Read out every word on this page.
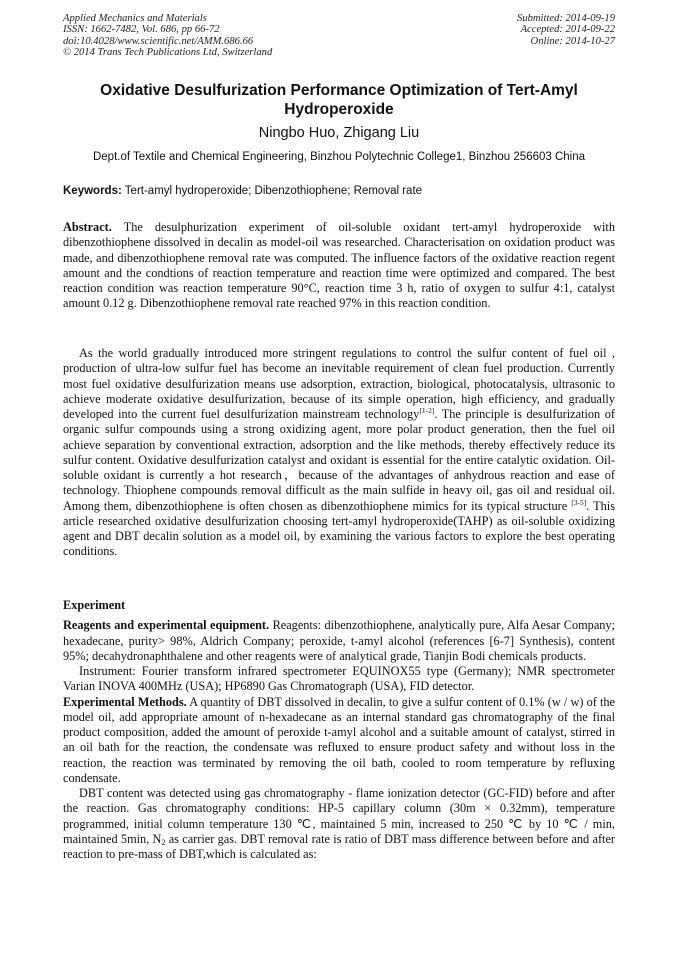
Applied Mechanics and Materials
ISSN: 1662-7482, Vol. 686, pp 66-72
doi:10.4028/www.scientific.net/AMM.686.66
© 2014 Trans Tech Publications Ltd, Switzerland
Submitted: 2014-09-19
Accepted: 2014-09-22
Online: 2014-10-27
Oxidative Desulfurization Performance Optimization of Tert-Amyl Hydroperoxide
Ningbo Huo, Zhigang Liu
Dept.of Textile and Chemical Engineering, Binzhou Polytechnic College1, Binzhou 256603 China
Keywords: Tert-amyl hydroperoxide; Dibenzothiophene; Removal rate

Abstract. The desulphurization experiment of oil-soluble oxidant tert-amyl hydroperoxide with dibenzothiophene dissolved in decalin as model-oil was researched. Characterisation on oxidation product was made, and dibenzothiophene removal rate was computed. The influence factors of the oxidative reaction regent amount and the condtions of reaction temperature and reaction time were optimized and compared. The best reaction condition was reaction temperature 90°C, reaction time 3 h, ratio of oxygen to sulfur 4:1, catalyst amount 0.12 g. Dibenzothiophene removal rate reached 97% in this reaction condition.

As the world gradually introduced more stringent regulations to control the sulfur content of fuel oil , production of ultra-low sulfur fuel has become an inevitable requirement of clean fuel production. Currently most fuel oxidative desulfurization means use adsorption, extraction, biological, photocatalysis, ultrasonic to achieve moderate oxidative desulfurization, because of its simple operation, high efficiency, and gradually developed into the current fuel desulfurization mainstream technology[1-2]. The principle is desulfurization of organic sulfur compounds using a strong oxidizing agent, more polar product generation, then the fuel oil achieve separation by conventional extraction, adsorption and the like methods, thereby effectively reduce its sulfur content. Oxidative desulfurization catalyst and oxidant is essential for the entire catalytic oxidation. Oil-soluble oxidant is currently a hot research，because of the advantages of anhydrous reaction and ease of technology. Thiophene compounds removal difficult as the main sulfide in heavy oil, gas oil and residual oil. Among them, dibenzothiophene is often chosen as dibenzothiophene mimics for its typical structure [3-5]. This article researched oxidative desulfurization choosing tert-amyl hydroperoxide(TAHP) as oil-soluble oxidizing agent and DBT decalin solution as a model oil, by examining the various factors to explore the best operating conditions.

Experiment

Reagents and experimental equipment. Reagents: dibenzothiophene, analytically pure, Alfa Aesar Company; hexadecane, purity> 98%, Aldrich Company; peroxide, t-amyl alcohol (references [6-7] Synthesis), content 95%; decahydronaphthalene and other reagents were of analytical grade, Tianjin Bodi chemicals products.

Instrument: Fourier transform infrared spectrometer EQUINOX55 type (Germany); NMR spectrometer Varian INOVA 400MHz (USA); HP6890 Gas Chromatograph (USA), FID detector.

Experimental Methods. A quantity of DBT dissolved in decalin, to give a sulfur content of 0.1% (w / w) of the model oil, add appropriate amount of n-hexadecane as an internal standard gas chromatography of the final product composition, added the amount of peroxide t-amyl alcohol and a suitable amount of catalyst, stirred in an oil bath for the reaction, the condensate was refluxed to ensure product safety and without loss in the reaction, the reaction was terminated by removing the oil bath, cooled to room temperature by refluxing condensate.

DBT content was detected using gas chromatography - flame ionization detector (GC-FID) before and after the reaction. Gas chromatography conditions: HP-5 capillary column (30m × 0.32mm), temperature programmed, initial column temperature 130 ℃, maintained 5 min, increased to 250 ℃ by 10 ℃ / min, maintained 5min, $N_2$ as carrier gas. DBT removal rate is ratio of DBT mass difference between before and after reaction to pre-mass of DBT,which is calculated as:
